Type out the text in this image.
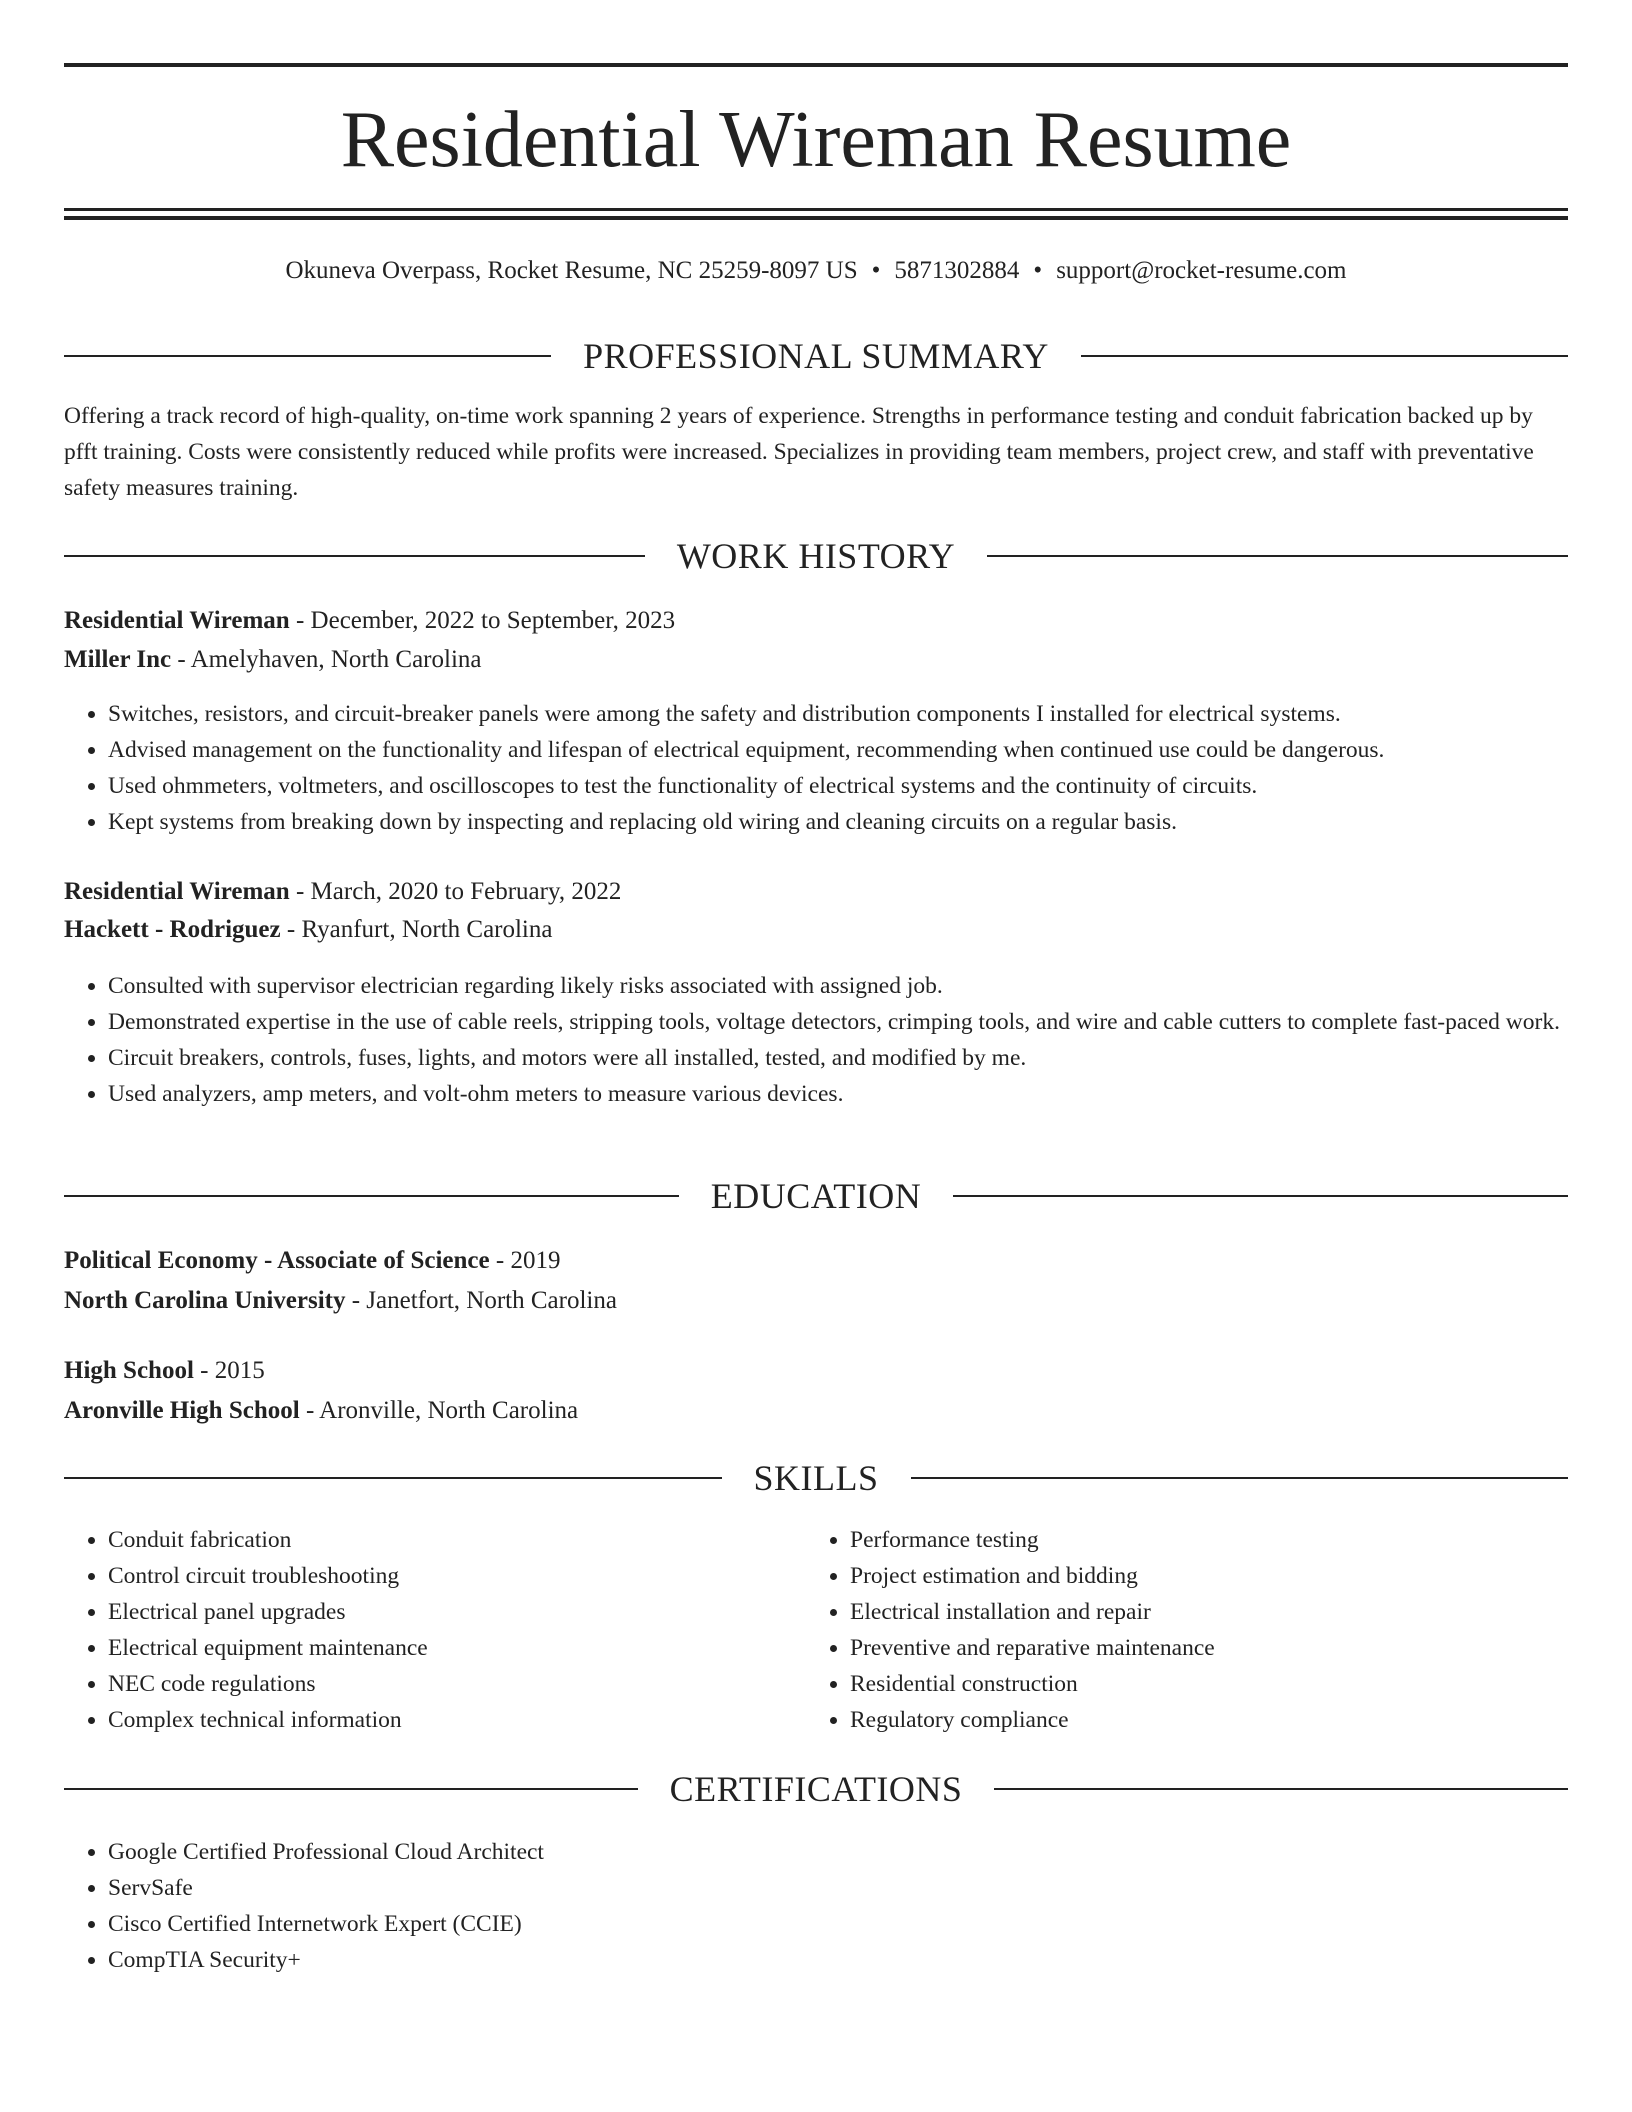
Residential Wireman Resume
Okuneva Overpass, Rocket Resume, NC 25259-8097 US • 5871302884 • support@rocket-resume.com
PROFESSIONAL SUMMARY

Offering a track record of high-quality, on-time work spanning 2 years of experience. Strengths in performance testing and conduit fabrication backed up by pfft training. Costs were consistently reduced while profits were increased. Specializes in providing team members, project crew, and staff with preventative safety measures training.

WORK HISTORY
Residential Wireman - December, 2022 to September, 2023
Miller Inc - Amelyhaven, North Carolina
• Switches, resistors, and circuit-breaker panels were among the safety and distribution components I installed for electrical systems.
• Advised management on the functionality and lifespan of electrical equipment, recommending when continued use could be dangerous.
• Used ohmmeters, voltmeters, and oscilloscopes to test the functionality of electrical systems and the continuity of circuits.
• Kept systems from breaking down by inspecting and replacing old wiring and cleaning circuits on a regular basis.
Residential Wireman - March, 2020 to February, 2022
Hackett - Rodriguez - Ryanfurt, North Carolina
• Consulted with supervisor electrician regarding likely risks associated with assigned job.
• Demonstrated expertise in the use of cable reels, stripping tools, voltage detectors, crimping tools, and wire and cable cutters to complete fast-paced work.
• Circuit breakers, controls, fuses, lights, and motors were all installed, tested, and modified by me.
• Used analyzers, amp meters, and volt-ohm meters to measure various devices.
EDUCATION
Political Economy - Associate of Science - 2019
North Carolina University - Janetfort, North Carolina
High School - 2015
Aronville High School - Aronville, North Carolina
SKILLS
• Conduit fabrication
• Control circuit troubleshooting
• Electrical panel upgrades
• Electrical equipment maintenance
• NEC code regulations
• Complex technical information
• Performance testing
• Project estimation and bidding
• Electrical installation and repair
• Preventive and reparative maintenance
• Residential construction
• Regulatory compliance
CERTIFICATIONS
• Google Certified Professional Cloud Architect
• ServSafe
• Cisco Certified Internetwork Expert (CCIE)
• CompTIA Security+
